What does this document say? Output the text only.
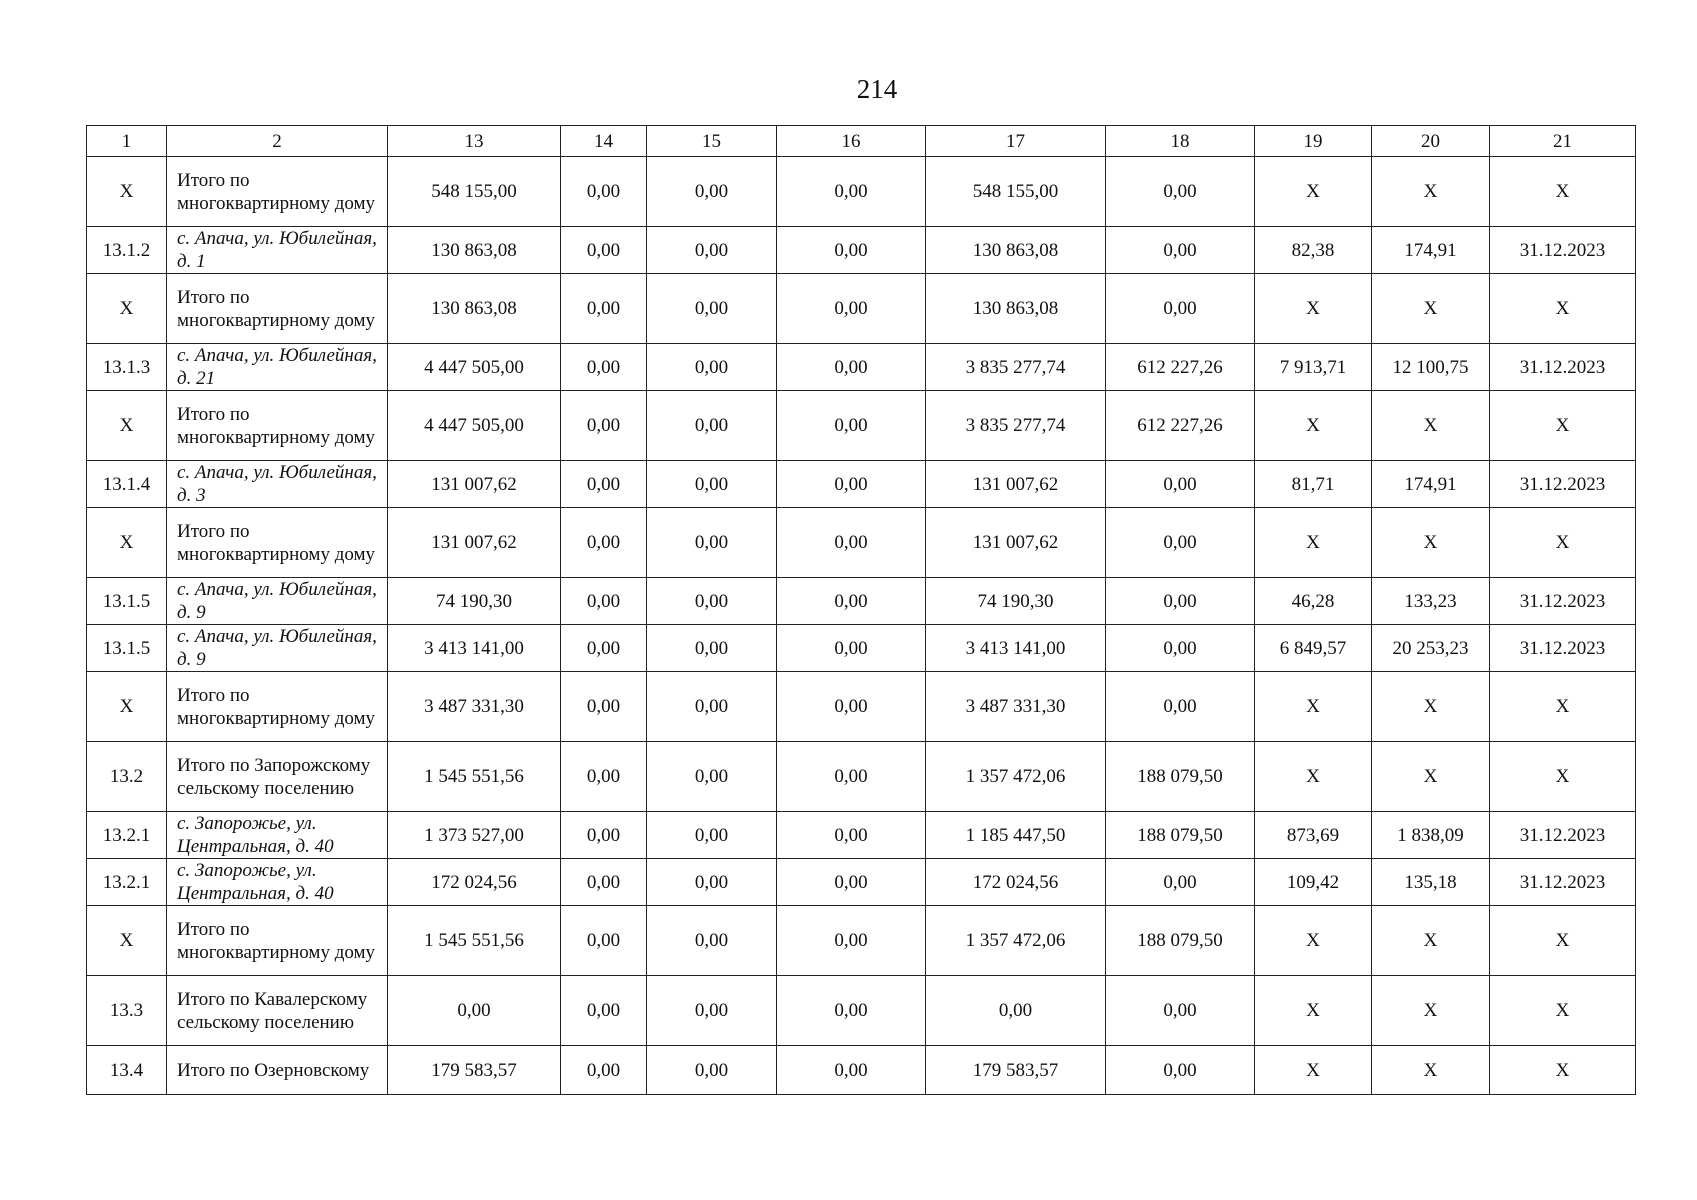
214
1	2	13	14	15	16	17	18	19	20	21
Х	Итого по многоквартирному дому	548 155,00	0,00	0,00	0,00	548 155,00	0,00	Х	Х	Х
13.1.2	с. Апача, ул. Юбилейная, д. 1	130 863,08	0,00	0,00	0,00	130 863,08	0,00	82,38	174,91	31.12.2023
Х	Итого по многоквартирному дому	130 863,08	0,00	0,00	0,00	130 863,08	0,00	Х	Х	Х
13.1.3	с. Апача, ул. Юбилейная, д. 21	4 447 505,00	0,00	0,00	0,00	3 835 277,74	612 227,26	7 913,71	12 100,75	31.12.2023
Х	Итого по многоквартирному дому	4 447 505,00	0,00	0,00	0,00	3 835 277,74	612 227,26	Х	Х	Х
13.1.4	с. Апача, ул. Юбилейная, д. 3	131 007,62	0,00	0,00	0,00	131 007,62	0,00	81,71	174,91	31.12.2023
Х	Итого по многоквартирному дому	131 007,62	0,00	0,00	0,00	131 007,62	0,00	Х	Х	Х
13.1.5	с. Апача, ул. Юбилейная, д. 9	74 190,30	0,00	0,00	0,00	74 190,30	0,00	46,28	133,23	31.12.2023
13.1.5	с. Апача, ул. Юбилейная, д. 9	3 413 141,00	0,00	0,00	0,00	3 413 141,00	0,00	6 849,57	20 253,23	31.12.2023
Х	Итого по многоквартирному дому	3 487 331,30	0,00	0,00	0,00	3 487 331,30	0,00	Х	Х	Х
13.2	Итого по Запорожскому сельскому поселению	1 545 551,56	0,00	0,00	0,00	1 357 472,06	188 079,50	Х	Х	Х
13.2.1	с. Запорожье, ул. Центральная, д. 40	1 373 527,00	0,00	0,00	0,00	1 185 447,50	188 079,50	873,69	1 838,09	31.12.2023
13.2.1	с. Запорожье, ул. Центральная, д. 40	172 024,56	0,00	0,00	0,00	172 024,56	0,00	109,42	135,18	31.12.2023
Х	Итого по многоквартирному дому	1 545 551,56	0,00	0,00	0,00	1 357 472,06	188 079,50	Х	Х	Х
13.3	Итого по Кавалерскому сельскому поселению	0,00	0,00	0,00	0,00	0,00	0,00	Х	Х	Х
13.4	Итого по Озерновскому	179 583,57	0,00	0,00	0,00	179 583,57	0,00	Х	Х	Х
